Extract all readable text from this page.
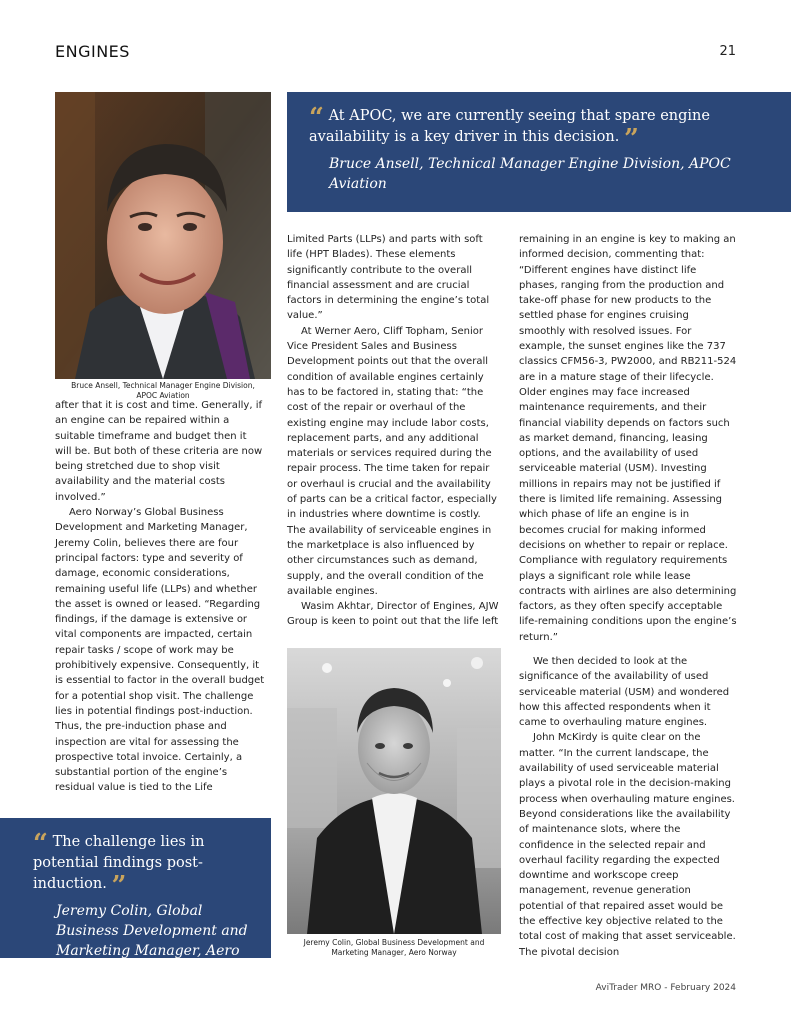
ENGINES	21
Bruce Ansell, Technical Manager Engine Division, APOC Aviation
“ At APOC, we are currently seeing that spare engine availability is a key driver in this decision. ”
Bruce Ansell, Technical Manager Engine Division, APOC Aviation

after that it is cost and time. Generally, if an engine can be repaired within a suitable timeframe and budget then it will be. But both of these criteria are now being stretched due to shop visit availability and the material costs involved.”

Aero Norway’s Global Business Development and Marketing Manager, Jeremy Colin, believes there are four principal factors: type and severity of damage, economic considerations, remaining useful life (LLPs) and whether the asset is owned or leased. “Regarding findings, if the damage is extensive or vital components are impacted, certain repair tasks / scope of work may be prohibitively expensive. Consequently, it is essential to factor in the overall budget for a potential shop visit. The challenge lies in potential findings post-induction. Thus, the pre-induction phase and inspection are vital for assessing the prospective total invoice. Certainly, a substantial portion of the engine’s residual value is tied to the Life

Limited Parts (LLPs) and parts with soft life (HPT Blades). These elements significantly contribute to the overall financial assessment and are crucial factors in determining the engine’s total value.”

At Werner Aero, Cliff Topham, Senior Vice President Sales and Business Development points out that the overall condition of available engines certainly has to be factored in, stating that: “the cost of the repair or overhaul of the existing engine may include labor costs, replacement parts, and any additional materials or services required during the repair process. The time taken for repair or overhaul is crucial and the availability of parts can be a critical factor, especially in industries where downtime is costly. The availability of serviceable engines in the marketplace is also influenced by other circumstances such as demand, supply, and the overall condition of the available engines.

Wasim Akhtar, Director of Engines, AJW Group is keen to point out that the life left

remaining in an engine is key to making an informed decision, commenting that: “Different engines have distinct life phases, ranging from the production and take-off phase for new products to the settled phase for engines cruising smoothly with resolved issues. For example, the sunset engines like the 737 classics CFM56-3, PW2000, and RB211-524 are in a mature stage of their lifecycle. Older engines may face increased maintenance requirements, and their financial viability depends on factors such as market demand, financing, leasing options, and the availability of used serviceable material (USM). Investing millions in repairs may not be justified if there is limited life remaining. Assessing which phase of life an engine is in becomes crucial for making informed decisions on whether to repair or replace. Compliance with regulatory requirements plays a significant role while lease contracts with airlines are also determining factors, as they often specify acceptable life-remaining conditions upon the engine’s return.”

We then decided to look at the significance of the availability of used serviceable material (USM) and wondered how this affected respondents when it came to overhauling mature engines.

John McKirdy is quite clear on the matter. “In the current landscape, the availability of used serviceable material plays a pivotal role in the decision-making process when overhauling mature engines. Beyond considerations like the availability of maintenance slots, where the confidence in the selected repair and overhaul facility regarding the expected downtime and workscope creep management, revenue generation potential of that repaired asset would be the effective key objective related to the total cost of making that asset serviceable. The pivotal decision

Jeremy Colin, Global Business Development and Marketing Manager, Aero Norway
“ The challenge lies in potential findings post-induction. ”
Jeremy Colin, Global Business Development and Marketing Manager, Aero Norway
AviTrader MRO - February 2024
